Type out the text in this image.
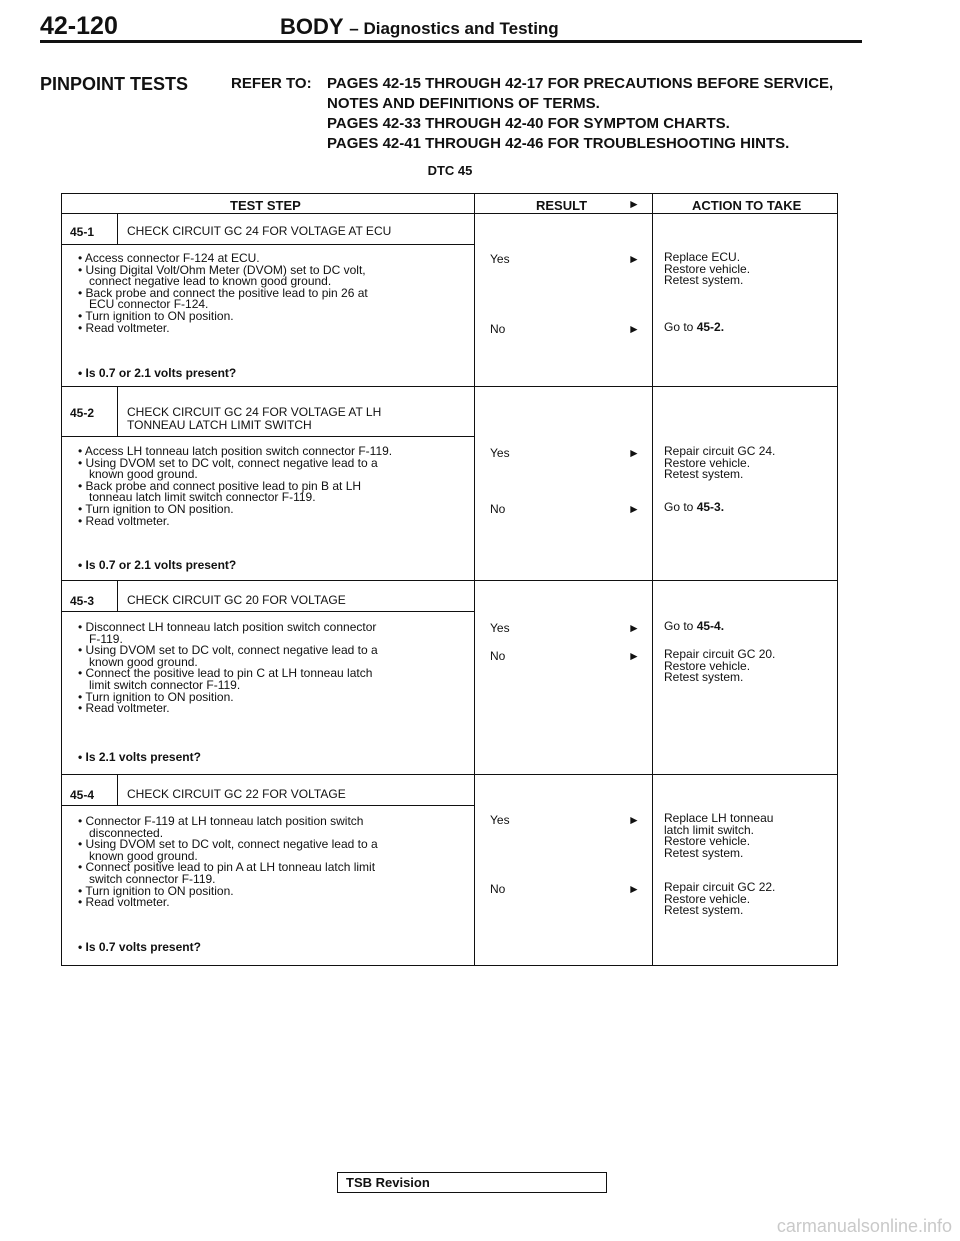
42-120	BODY – Diagnostics and Testing
PINPOINT TESTS	REFER TO: PAGES 42-15 THROUGH 42-17 FOR PRECAUTIONS BEFORE SERVICE,
NOTES AND DEFINITIONS OF TERMS.
PAGES 42-33 THROUGH 42-40 FOR SYMPTOM CHARTS.
PAGES 42-41 THROUGH 42-46 FOR TROUBLESHOOTING HINTS.
DTC 45
TEST STEP	RESULT	►	ACTION TO TAKE
45-1	CHECK CIRCUIT GC 24 FOR VOLTAGE AT ECU
• Access connector F-124 at ECU.
• Using Digital Volt/Ohm Meter (DVOM) set to DC volt,
connect negative lead to known good ground.
• Back probe and connect the positive lead to pin 26 at
ECU connector F-124.
• Turn ignition to ON position.
• Read voltmeter.
• Is 0.7 or 2.1 volts present?
Yes	► Replace ECU.
Restore vehicle.
Retest system.
No	► Go to 45-2.
45-2	CHECK CIRCUIT GC 24 FOR VOLTAGE AT LH
TONNEAU LATCH LIMIT SWITCH
• Access LH tonneau latch position switch connector F-119.
• Using DVOM set to DC volt, connect negative lead to a
known good ground.
• Back probe and connect positive lead to pin B at LH
tonneau latch limit switch connector F-119.
• Turn ignition to ON position.
• Read voltmeter.
• Is 0.7 or 2.1 volts present?
Yes	► Repair circuit GC 24.
Restore vehicle.
Retest system.
No	► Go to 45-3.
45-3	CHECK CIRCUIT GC 20 FOR VOLTAGE
• Disconnect LH tonneau latch position switch connector
F-119.
• Using DVOM set to DC volt, connect negative lead to a
known good ground.
• Connect the positive lead to pin C at LH tonneau latch
limit switch connector F-119.
• Turn ignition to ON position.
• Read voltmeter.
• Is 2.1 volts present?
Yes	► Go to 45-4.
No	► Repair circuit GC 20.
Restore vehicle.
Retest system.
45-4	CHECK CIRCUIT GC 22 FOR VOLTAGE
• Connector F-119 at LH tonneau latch position switch
disconnected.
• Using DVOM set to DC volt, connect negative lead to a
known good ground.
• Connect positive lead to pin A at LH tonneau latch limit
switch connector F-119.
• Turn ignition to ON position.
• Read voltmeter.
• Is 0.7 volts present?
Yes	► Replace LH tonneau
latch limit switch.
Restore vehicle.
Retest system.
No	► Repair circuit GC 22.
Restore vehicle.
Retest system.
TSB Revision
carmanualsonline.info
